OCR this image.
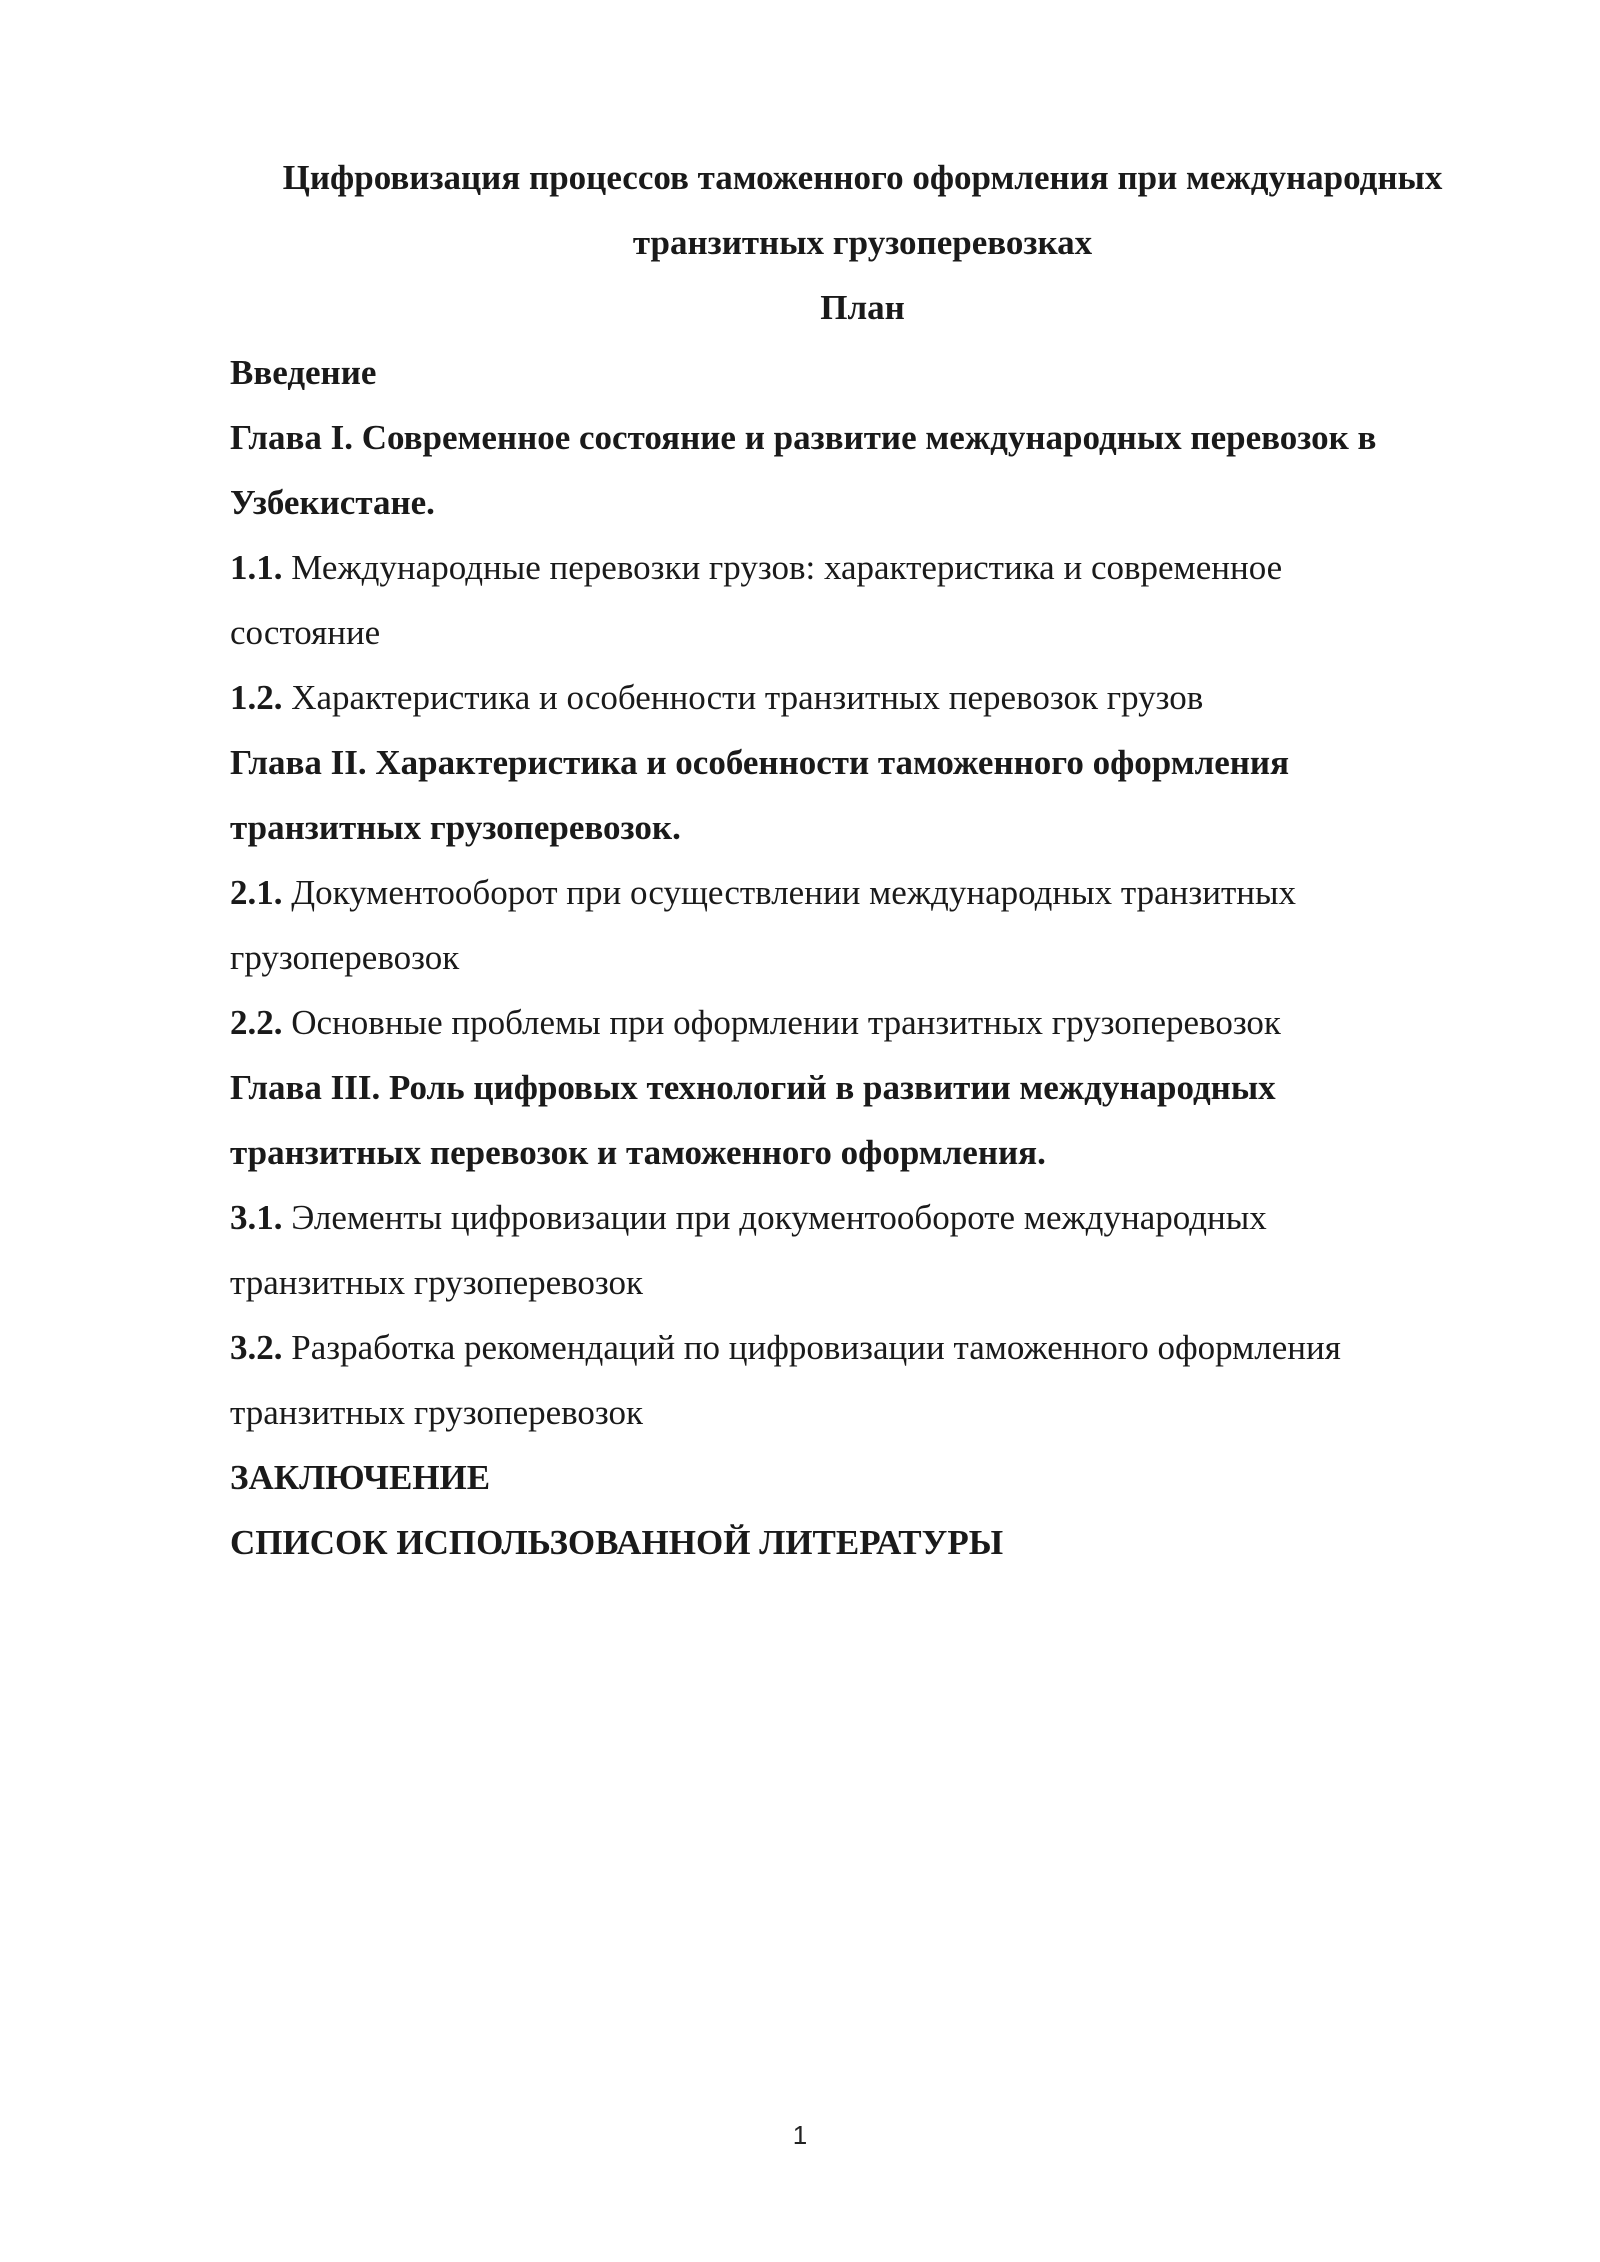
Цифровизация процессов таможенного оформления при международных

транзитных грузоперевозках

План

Введение

Глава I. Современное состояние и развитие международных перевозок в

Узбекистане.

1.1. Международные перевозки грузов: характеристика и современное

состояние

1.2. Характеристика и особенности транзитных перевозок грузов

Глава II. Характеристика и особенности таможенного оформления

транзитных грузоперевозок.

2.1. Документооборот при осуществлении международных транзитных

грузоперевозок

2.2. Основные проблемы при оформлении транзитных грузоперевозок

Глава III. Роль цифровых технологий в развитии международных

транзитных перевозок и таможенного оформления.

3.1. Элементы цифровизации при документообороте международных

транзитных грузоперевозок

3.2. Разработка рекомендаций по цифровизации таможенного оформления

транзитных грузоперевозок

ЗАКЛЮЧЕНИЕ

СПИСОК ИСПОЛЬЗОВАННОЙ ЛИТЕРАТУРЫ

1
